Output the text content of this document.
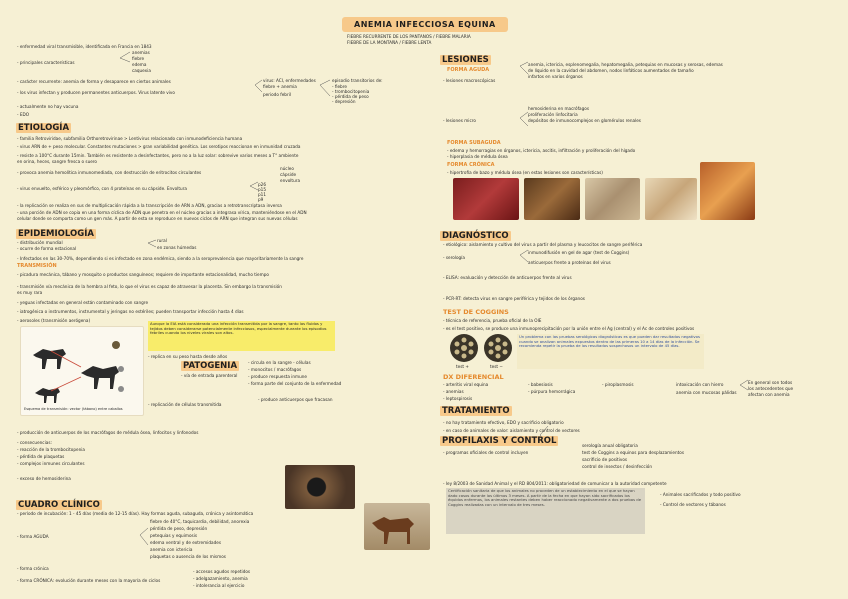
ANEMIA INFECCIOSA EQUINA
FIEBRE RECURRENTE DE LOS PANTANOS / FIEBRE MALARIA
FIEBRE DE LA MONTAÑA / FIEBRE LENTA
- enfermedad viral transmisible, identificada en Francia en 1843
- principales características
anemias
fiebre
edema
caquexia
- carácter recurrente: anemia de forma y desaparece en ciertos animales
- los virus infectan y producen permanentes anticuerpos. Virus latente vivo
virus: ACI, enfermedades
fiebre + anemia
periodo febril
episodio transitorios de:
- fiebre
- trombocitopenia
- pérdida de peso
- depresión
- actualmente no hay vacuna
- EDO
ETIOLOGÍA
- familia Retroviridae, subfamilia Orthoretrovirinae > Lentivirus relacionado con inmunodeficiencia humana
- virus ARN de + peso molecular. Constantes mutaciones > gran variabilidad genética. Los serotipos reaccionan en inmunidad cruzada
- resiste a 100°C durante 15min. También es resistente a desinfectantes, pero no a la luz solar: sobrevive varios meses a T° ambiente
en orina, heces, sangre fresca o suero
- provoca anemia hemolítica inmunomediada, con destrucción de eritrocitos circulantes
- virus envuelto, esférico y pleomórfico, con 4 proteínas en su cápside. Envoltura
núcleo
cápside
envoltura
p26
p15
p11
p9
- la replicación se realiza en sus de multiplicación rápida a la transcripción de ARN a ADN, gracias a retrotranscriptasa inversa
- una porción de ADN se copia en una forma cíclica de ADN que penetra en el núcleo gracias a integrasa vírica, manteniéndose en el ADN
celular donde se comporta como un gen más. A partir de esta se reproduce en nuevos ciclos de ARN que integran sus nuevas células
EPIDEMIOLOGÍA
- distribución mundial
- ocurre de forma estacional
rural
en zonas húmedas
- Infectados en las 30-70%, dependiendo si es infectado en zona endémica, siendo a la seroprevalencia que mayoritariamente la sangre
TRANSMISIÓN
- picadura mecánica, tábano y mosquito o productos sanguíneos; requiere de importante estacionalidad, mucho tiempo
- transmisión vía mecánica de la hembra al feto, lo que el virus es capaz de atravesar la placenta. Sin embargo la transmisión
es muy rara
- yeguas infectadas en general están contaminado con sangre
- iatrogénica o instrumentos, instrumental y jeringas no estériles; pueden transportar infección hasta 4 días
- aerosoles (transmisión aerógena)
Esquema de transmisión: vector (tábano) entre caballos
Aunque la EIA está considerada una infección transmitida por la sangre, tanto los fluidos y tejidos deben considerarse potencialmente infecciosos, especialmente durante los episodios febriles cuando los niveles virales son altos.
- replica en su peso hasta desde años
PATOGENIA
- vía de entrada parenteral
- circula en la sangre - células
- monocitos / macrófagos
- produce respuesta inmune
- forma parte del conjunto de la enfermedad
- replicación de células transmitida
- produce anticuerpos que fracasan
- producción de anticuerpos de los macrófagos de médula ósea, linfocitos y linfonodos
- consecuencias:
- reacción de la trombocitopenia
- pérdida de plaquetas
- complejos inmunes circulantes
- exceso de hemosiderina
CUADRO CLÍNICO
- período de incubación: 1 - 45 días (media de 12-15 días). Hay formas aguda, subaguda, crónica y asintomática
- forma AGUDA
fiebre de 40°C, taquicardia, debilidad, anorexia
pérdida de peso, depresión
petequias y equimosis
edema ventral y de extremidades
anemia con ictericia
plaquetas o ausencia de los mismos
- forma crónica
- forma CRÓNICA: evolución durante meses con la mayoría de ciclos
- accesos agudos repetidos
- adelgazamiento, anemia
- intolerancia al ejercicio
LESIONES
FORMA AGUDA
- lesiones macroscópicas
anemia, ictericia, esplenomegalia, hepatomegalia, petequias en mucosas y serosas, edemas
de líquido en la cavidad del abdomen, nodos linfáticos aumentados de tamaño
infartos en varios órganos
- lesiones micro
hemosiderina en macrófagos
proliferación linfocitaria
depósitos de inmunocomplejos en glomérulos renales
FORMA SUBAGUDA
- edema y hemorragias en órganos, ictericia, ascitis, infiltración y proliferación del hígado
- hiperplasia de médula ósea
FORMA CRÓNICA
- hipertrofia de bazo y médula ósea (en estas lesiones son características)
DIAGNÓSTICO
- etiológico: aislamiento y cultivo del virus a partir del plasma y leucocitos de sangre periférica
- serología
inmunodifusión en gel de agar (test de Coggins)
anticuerpos frente a proteínas del virus
- ELISA: evaluación y detección de anticuerpos frente al virus
- PCR-RT: detecta virus en sangre periférica y tejidos de los órganos
TEST DE COGGINS
- técnica de referencia, prueba oficial de la OIE
- es el test positivo, se produce una inmunoprecipitación por la unión entre el Ag (central) y el Ac de controles positivos
test +	test −
Un problema con las pruebas serológicas diagnósticas es que pueden dar resultados negativos cuando se analizan animales expuestos dentro de las primeras 10 a 14 días de la infección. Se recomienda repetir la prueba de los resultados sospechosos un intervalo de 45 días.
DX DIFERENCIAL
- arteritis viral equina
- anemias
- leptospirosis
- babesiosis
- púrpura hemorrágica
- piroplasmosis	intoxicación con hierro
anemia con mucosas pálidas
En general son todos
los antecedentes que
afectan con anemia
TRATAMIENTO
- no hay tratamiento efectivo, EDO y sacrificio obligatorio
- en caso de animales de valor: aislamiento y control de vectores
PROFILAXIS Y CONTROL
- programas oficiales de control incluyen
serología anual obligatoria
test de Coggins a equinos para desplazamientos
sacrificio de positivos
control de insectos / desinfección
- ley 8/2003 de Sanidad Animal y el RD 804/2011: obligatoriedad de comunicar a la autoridad competente
Certificación sanitaria de que los animales no proceden de un establecimiento en el que se hayan dado casos durante los últimos 3 meses. A partir de la fecha en que hayan sido sacrificados los équidos enfermos, los animales restantes deben haber reaccionado negativamente a dos pruebas de Coggins realizadas con un intervalo de tres meses.
- Animales sacrificados y todo positivo
- Control de vectores y tábanos
